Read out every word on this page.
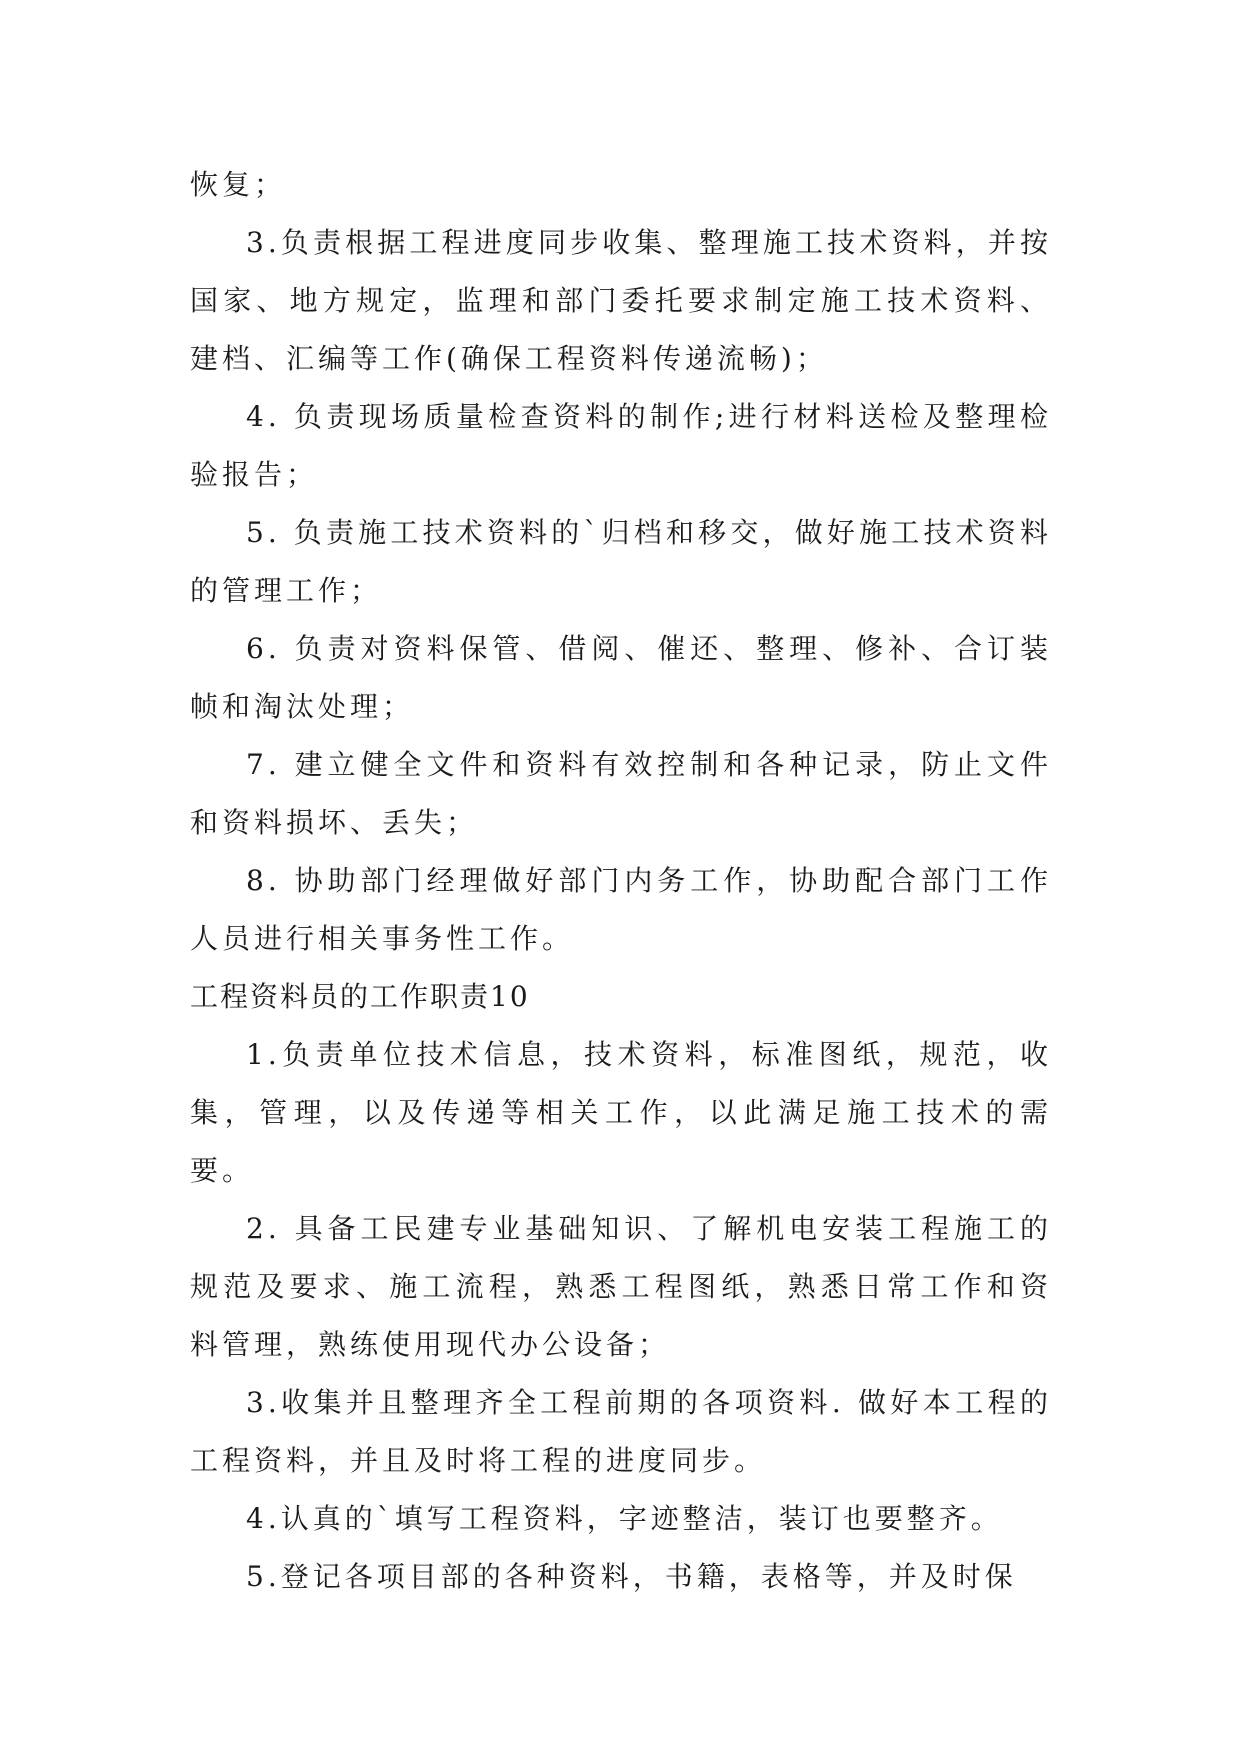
恢复；

3.负责根据工程进度同步收集、整理施工技术资料，并按国家、地方规定，监理和部门委托要求制定施工技术资料、建档、汇编等工作(确保工程资料传递流畅)；

4. 负责现场质量检查资料的制作;进行材料送检及整理检验报告；

5. 负责施工技术资料的`归档和移交，做好施工技术资料的管理工作；

6. 负责对资料保管、借阅、催还、整理、修补、合订装帧和淘汰处理；

7. 建立健全文件和资料有效控制和各种记录，防止文件和资料损坏、丢失；

8. 协助部门经理做好部门内务工作，协助配合部门工作人员进行相关事务性工作。

工程资料员的工作职责10

1.负责单位技术信息，技术资料，标准图纸，规范，收集，管理，以及传递等相关工作，以此满足施工技术的需要。

2. 具备工民建专业基础知识、了解机电安装工程施工的规范及要求、施工流程，熟悉工程图纸，熟悉日常工作和资料管理，熟练使用现代办公设备；

3.收集并且整理齐全工程前期的各项资料. 做好本工程的工程资料，并且及时将工程的进度同步。

4.认真的`填写工程资料，字迹整洁，装订也要整齐。

5.登记各项目部的各种资料，书籍，表格等，并及时保
